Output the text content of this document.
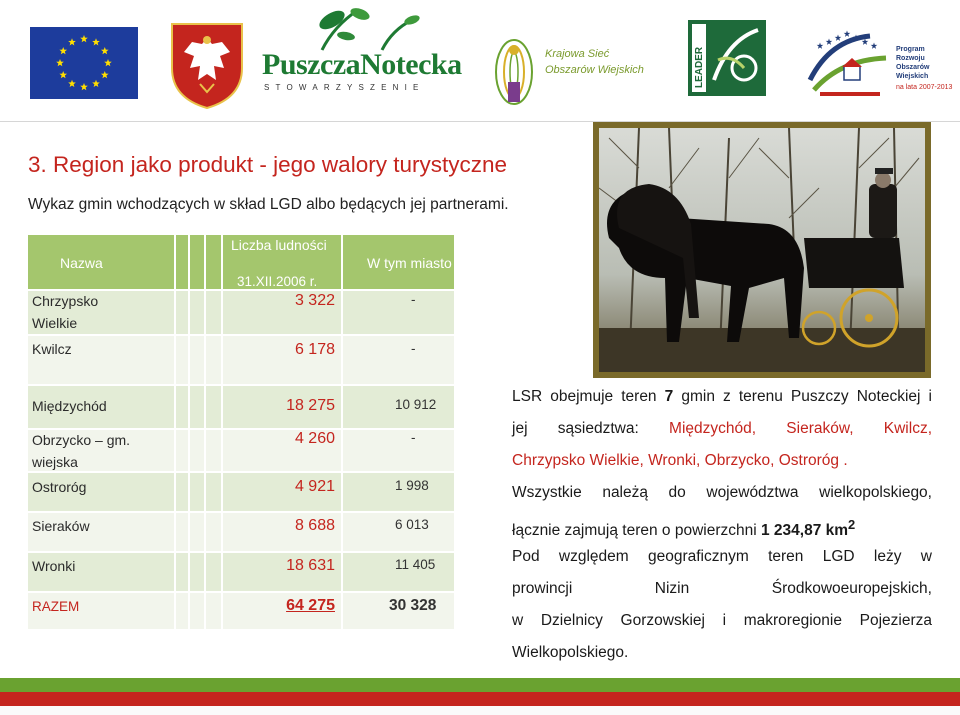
PuszczaNotecka
STOWARZYSZENIE
Krajowa Sieć
Obszarów Wiejskich	LEADER	Program
Rozwoju
Obszarów
Wiejskich
na lata 2007-2013
3. Region jako produkt - jego walory turystyczne
Wykaz gmin wchodzących w skład LGD albo będących jej partnerami.
Nazwa
Liczba ludności
31.XII.2006 r.
W tym miasto
Chrzypsko
Wielkie
3 322	-
Kwilcz	6 178	-
Międzychód	18 275	10 912
Obrzycko – gm.
wiejska
4 260	-
Ostroróg	4 921	1 998
Sieraków	8 688	6 013
Wronki	18 631	11 405
RAZEM	64 275	30 328
LSR obejmuje teren 7 gmin z terenu Puszczy Noteckiej i
jej sąsiedztwa: Międzychód, Sieraków, Kwilcz,
Chrzypsko Wielkie, Wronki, Obrzycko, Ostroróg .
Wszystkie należą do województwa wielkopolskiego,
łącznie zajmują teren o powierzchni 1 234,87 $km^2$
Pod względem geograficznym teren LGD leży w
prowincji Nizin Środkowoeuropejskich,
w Dzielnicy Gorzowskiej i makroregionie Pojezierza
Wielkopolskiego.
